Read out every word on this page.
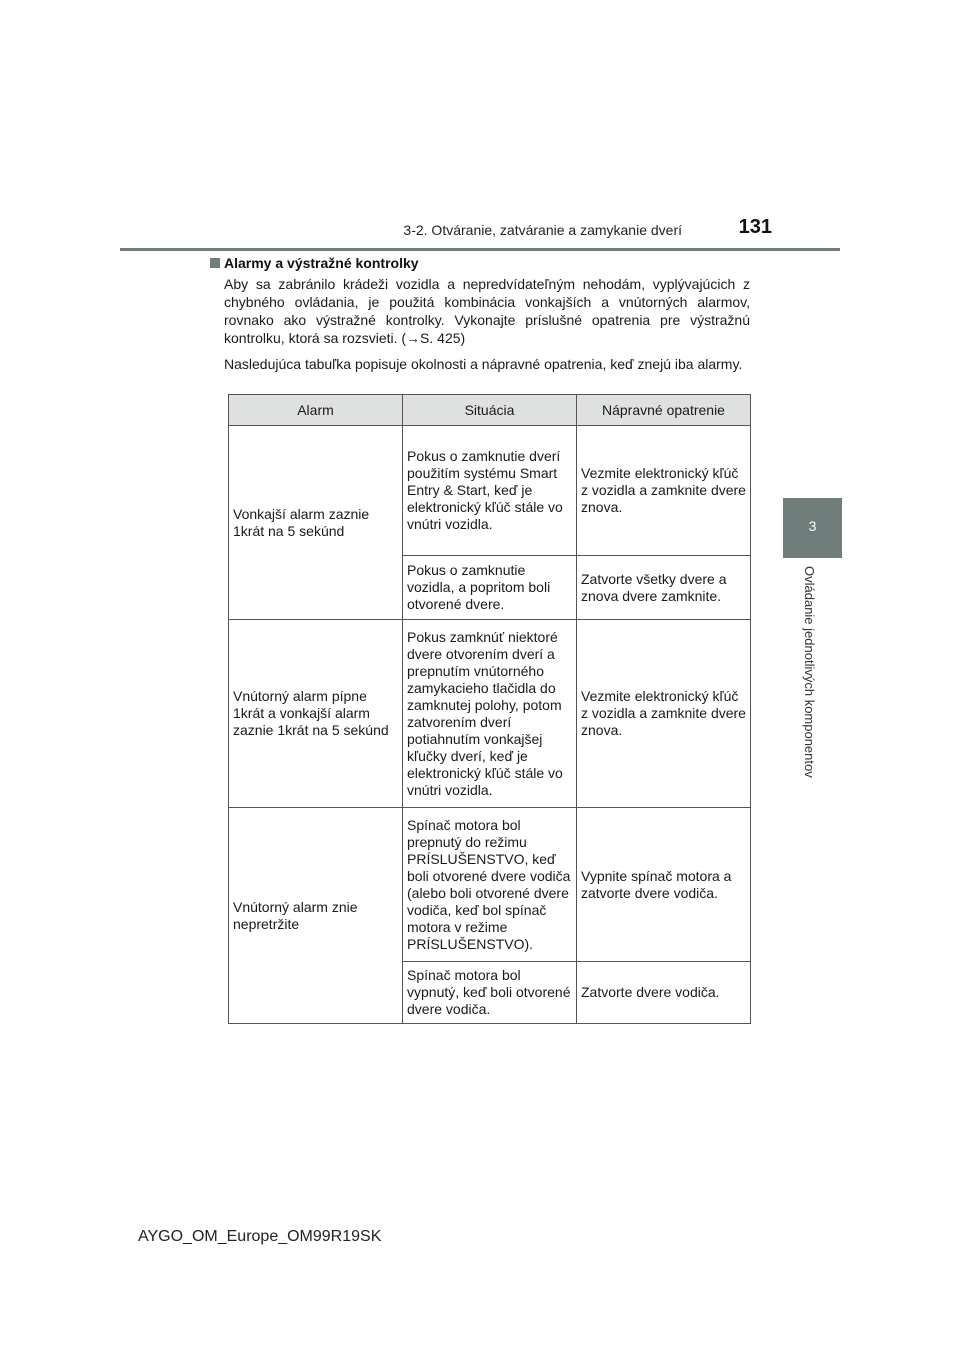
3-2. Otváranie, zatváranie a zamykanie dverí	131
3
Ovládanie jednotlivých komponentov
Alarmy a výstražné kontrolky

Aby sa zabránilo krádeži vozidla a nepredvídateľným nehodám, vyplývajúcich z chybného ovládania, je použitá kombinácia vonkajších a vnútorných alarmov, rovnako ako výstražné kontrolky. Vykonajte príslušné opatrenia pre výstražnú kontrolku, ktorá sa rozsvieti. (→S. 425)

Nasledujúca tabuľka popisuje okolnosti a nápravné opatrenia, keď znejú iba alarmy.

Alarm	Situácia	Nápravné opatrenie
Vonkajší alarm zaznie 1krát na 5 sekúnd	Pokus o zamknutie dverí použitím systému Smart Entry & Start, keď je elektronický kľúč stále vo vnútri vozidla.	Vezmite elektronický kľúč z vozidla a zamknite dvere znova.
	Pokus o zamknutie vozidla, a popritom boli otvorené dvere.	Zatvorte všetky dvere a znova dvere zamknite.
Vnútorný alarm pípne 1krát a vonkajší alarm zaznie 1krát na 5 sekúnd	Pokus zamknúť niektoré dvere otvorením dverí a prepnutím vnútorného zamykacieho tlačidla do zamknutej polohy, potom zatvorením dverí potiahnutím vonkajšej kľučky dverí, keď je elektronický kľúč stále vo vnútri vozidla.	Vezmite elektronický kľúč z vozidla a zamknite dvere znova.
Vnútorný alarm znie nepretržite	Spínač motora bol prepnutý do režimu PRÍSLUŠENSTVO, keď boli otvorené dvere vodiča (alebo boli otvorené dvere vodiča, keď bol spínač motora v režime PRÍSLUŠENSTVO).	Vypnite spínač motora a zatvorte dvere vodiča.
	Spínač motora bol vypnutý, keď boli otvorené dvere vodiča.	Zatvorte dvere vodiča.
AYGO_OM_Europe_OM99R19SK
